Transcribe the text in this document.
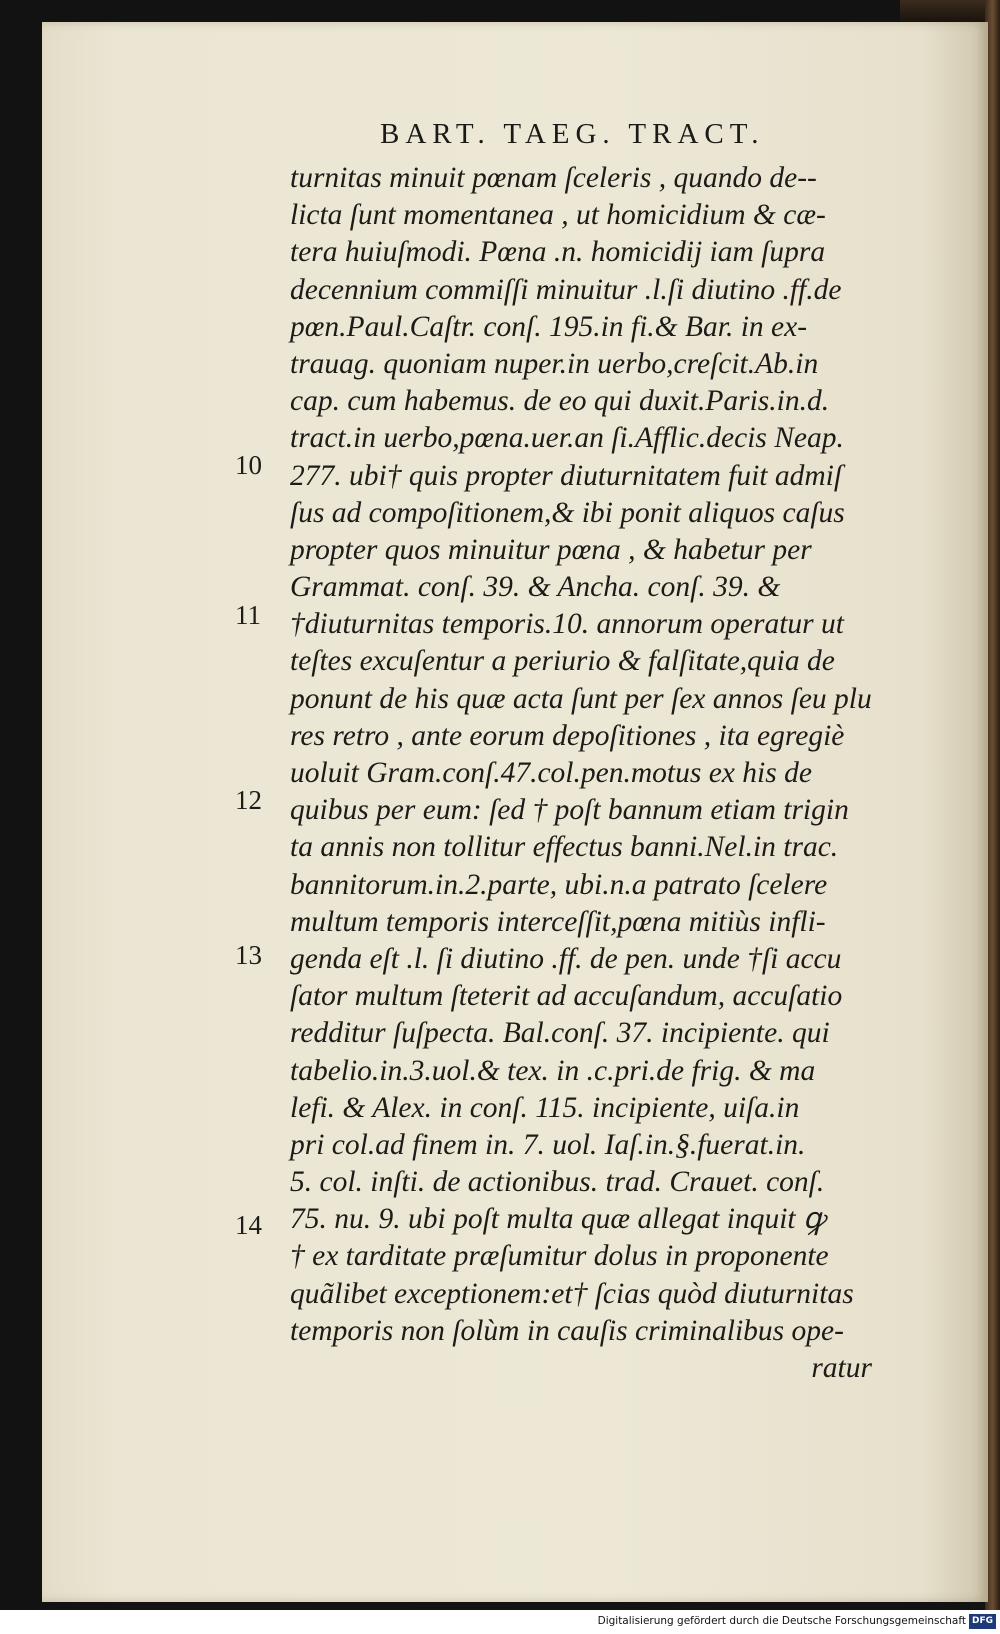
BART. TAEG. TRACT.
10
11
12
13
14
turnitas minuit pœnam ſceleris , quando de--
licta ſunt momentanea , ut homicidium & cæ-
tera huiuſmodi. Pœna .n. homicidij iam ſupra
decennium commiſſi minuitur .l.ſi diutino .ff.de
pœn.Paul.Caſtr. conſ. 195.in fi.& Bar. in ex-
trauag. quoniam nuper.in uerbo,creſcit.Ab.in
cap. cum habemus. de eo qui duxit.Paris.in.d.
tract.in uerbo,pœna.uer.an ſi.Afflic.decis Neap.
277. ubi† quis propter diuturnitatem fuit admiſ
ſus ad compoſitionem,& ibi ponit aliquos caſus
propter quos minuitur pœna , & habetur per
Grammat. conſ. 39. & Ancha. conſ. 39. &
†diuturnitas temporis.10. annorum operatur ut
teſtes excuſentur a periurio & falſitate,quia de
ponunt de his quæ acta ſunt per ſex annos ſeu plu
res retro , ante eorum depoſitiones , ita egregiè
uoluit Gram.conſ.47.col.pen.motus ex his de
quibus per eum: ſed † poſt bannum etiam trigin
ta annis non tollitur effectus banni.Nel.in trac.
bannitorum.in.2.parte, ubi.n.a patrato ſcelere
multum temporis interceſſit,pœna mitiùs infli-
genda eſt .l. ſi diutino .ff. de pen. unde †ſi accu
ſator multum ſteterit ad accuſandum, accuſatio
redditur ſuſpecta. Bal.conſ. 37. incipiente. qui
tabelio.in.3.uol.& tex. in .c.pri.de frig. & ma
lefi. & Alex. in conſ. 115. incipiente, uiſa.in
pri col.ad finem in. 7. uol. Iaſ.in.§.fuerat.in.
5. col. inſti. de actionibus. trad. Crauet. conſ.
75. nu. 9. ubi poſt multa quæ allegat inquit ꝙ
† ex tarditate præſumitur dolus in proponente
quãlibet exceptionem:et† ſcias quòd diuturnitas
temporis non ſolùm in cauſis criminalibus ope-
ratur
Digitalisierung gefördert durch die Deutsche Forschungsgemeinschaft DFG
